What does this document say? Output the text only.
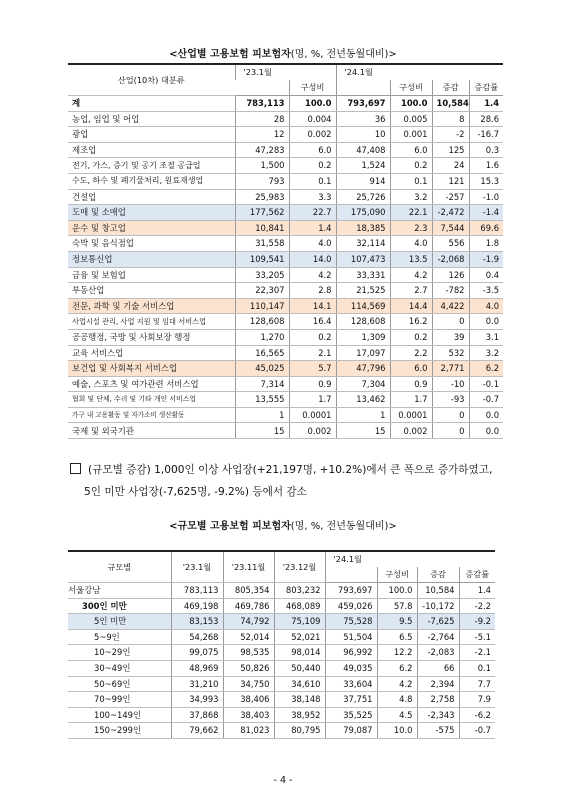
<산업별 고용보험 피보험자(명, %, 전년동월대비)>
산업(10차) 대분류	'23.1월		'24.1월			
		구성비		구성비	증감	증감률
계	783,113	100.0	793,697	100.0	10,584	1.4
농업, 임업 및 어업	28	0.004	36	0.005	8	28.6
광업	12	0.002	10	0.001	-2	-16.7
제조업	47,283	6.0	47,408	6.0	125	0.3
전기, 가스, 증기 및 공기 조절 공급업	1,500	0.2	1,524	0.2	24	1.6
수도, 하수 및 폐기물처리, 원료재생업	793	0.1	914	0.1	121	15.3
건설업	25,983	3.3	25,726	3.2	-257	-1.0
도매 및 소매업	177,562	22.7	175,090	22.1	-2,472	-1.4
운수 및 창고업	10,841	1.4	18,385	2.3	7,544	69.6
숙박 및 음식점업	31,558	4.0	32,114	4.0	556	1.8
정보통신업	109,541	14.0	107,473	13.5	-2,068	-1.9
금융 및 보험업	33,205	4.2	33,331	4.2	126	0.4
부동산업	22,307	2.8	21,525	2.7	-782	-3.5
전문, 과학 및 기술 서비스업	110,147	14.1	114,569	14.4	4,422	4.0
사업시설 관리, 사업 지원 및 임대 서비스업	128,608	16.4	128,608	16.2	0	0.0
공공행정, 국방 및 사회보장 행정	1,270	0.2	1,309	0.2	39	3.1
교육 서비스업	16,565	2.1	17,097	2.2	532	3.2
보건업 및 사회복지 서비스업	45,025	5.7	47,796	6.0	2,771	6.2
예술, 스포츠 및 여가관련 서비스업	7,314	0.9	7,304	0.9	-10	-0.1
협회 및 단체, 수리 및 기타 개인 서비스업	13,555	1.7	13,462	1.7	-93	-0.7
가구 내 고용활동 및 자가소비 생산활동	1	0.0001	1	0.0001	0	0.0
국제 및 외국기관	15	0.002	15	0.002	0	0.0
(규모별 증감) 1,000인 이상 사업장(+21,197명, +10.2%)에서 큰 폭으로 증가하였고,
5인 미만 사업장(-7,625명, -9.2%) 등에서 감소
<규모별 고용보험 피보험자(명, %, 전년동월대비)>
규모별	'23.1월	'23.11월	'23.12월	'24.1월			
					구성비	증감	증감률
서울강남	783,113	805,354	803,232	793,697	100.0	10,584	1.4
300인 미만	469,198	469,786	468,089	459,026	57.8	-10,172	-2.2
5인 미만	83,153	74,792	75,109	75,528	9.5	-7,625	-9.2
5~9인	54,268	52,014	52,021	51,504	6.5	-2,764	-5.1
10~29인	99,075	98,535	98,014	96,992	12.2	-2,083	-2.1
30~49인	48,969	50,826	50,440	49,035	6.2	66	0.1
50~69인	31,210	34,750	34,610	33,604	4.2	2,394	7.7
70~99인	34,993	38,406	38,148	37,751	4.8	2,758	7.9
100~149인	37,868	38,403	38,952	35,525	4.5	-2,343	-6.2
150~299인	79,662	81,023	80,795	79,087	10.0	-575	-0.7
- 4 -
